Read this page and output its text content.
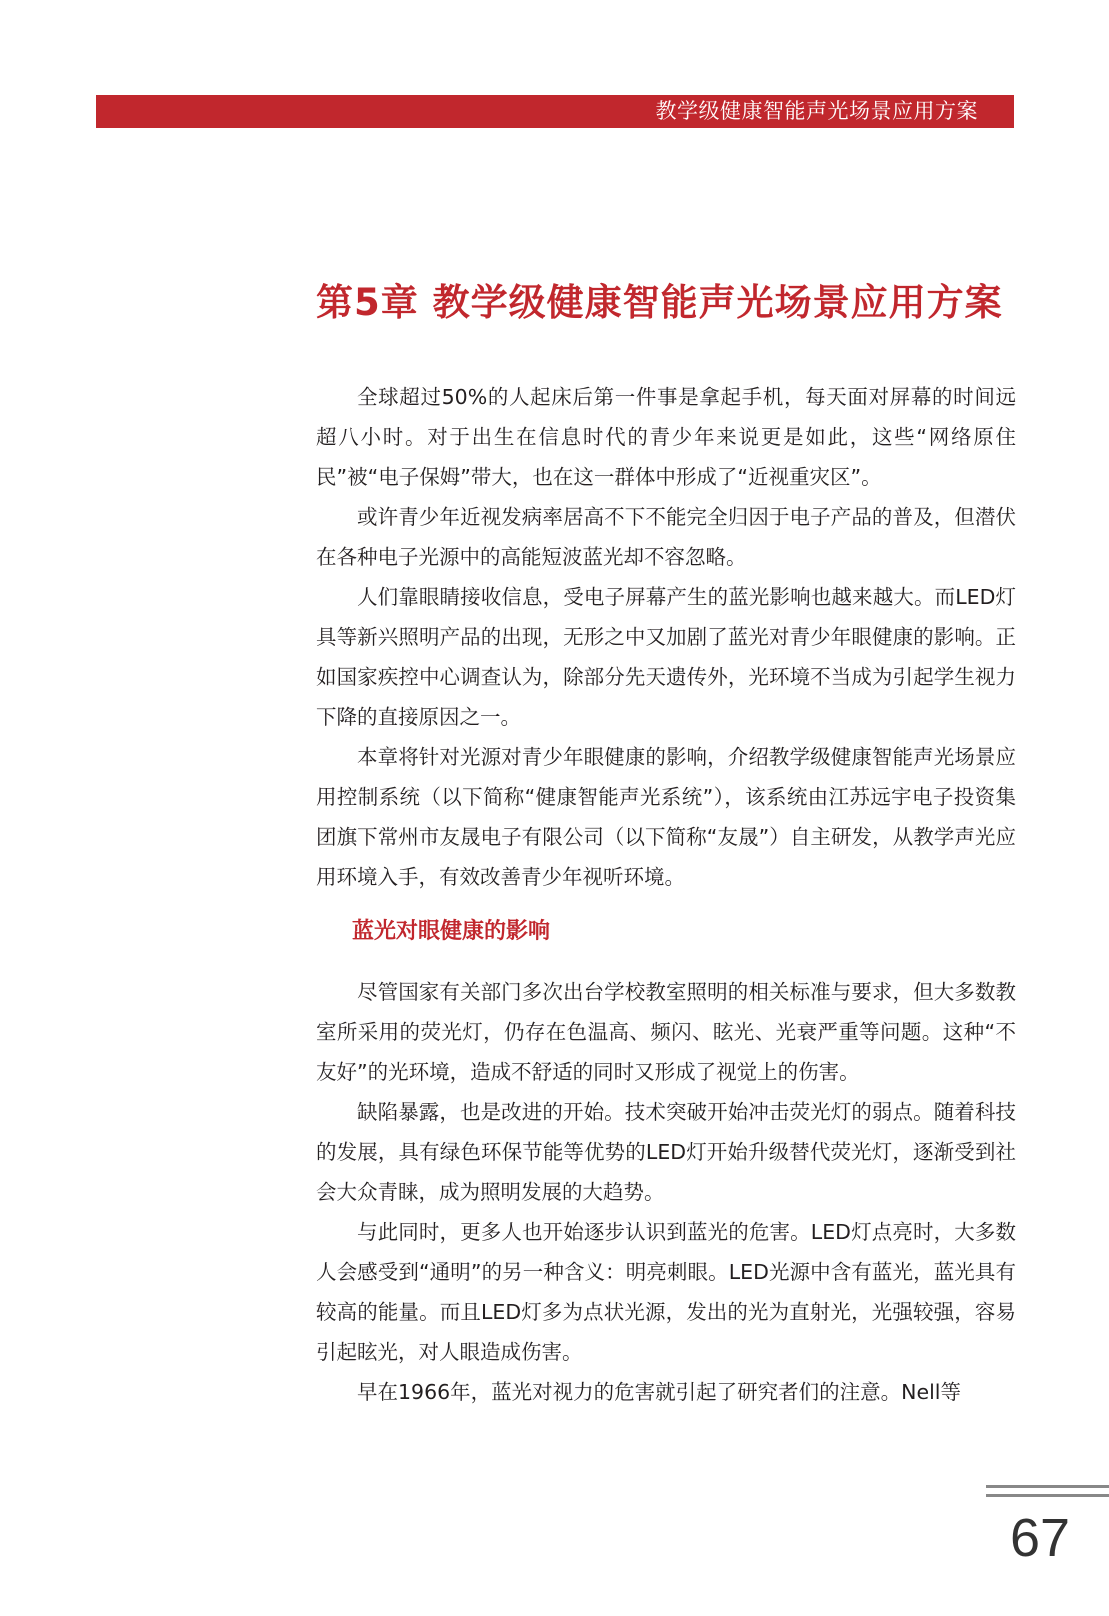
教学级健康智能声光场景应用方案
第5章 教学级健康智能声光场景应用方案

全球超过50%的人起床后第一件事是拿起手机，每天面对屏幕的时间远超八小时。对于出生在信息时代的青少年来说更是如此，这些“网络原住民”被“电子保姆”带大，也在这一群体中形成了“近视重灾区”。

或许青少年近视发病率居高不下不能完全归因于电子产品的普及，但潜伏在各种电子光源中的高能短波蓝光却不容忽略。

人们靠眼睛接收信息，受电子屏幕产生的蓝光影响也越来越大。而LED灯具等新兴照明产品的出现，无形之中又加剧了蓝光对青少年眼健康的影响。正如国家疾控中心调查认为，除部分先天遗传外，光环境不当成为引起学生视力下降的直接原因之一。

本章将针对光源对青少年眼健康的影响，介绍教学级健康智能声光场景应用控制系统（以下简称“健康智能声光系统”），该系统由江苏远宇电子投资集团旗下常州市友晟电子有限公司（以下简称“友晟”）自主研发，从教学声光应用环境入手，有效改善青少年视听环境。

蓝光对眼健康的影响

尽管国家有关部门多次出台学校教室照明的相关标准与要求，但大多数教室所采用的荧光灯，仍存在色温高、频闪、眩光、光衰严重等问题。这种“不友好”的光环境，造成不舒适的同时又形成了视觉上的伤害。

缺陷暴露，也是改进的开始。技术突破开始冲击荧光灯的弱点。随着科技的发展，具有绿色环保节能等优势的LED灯开始升级替代荧光灯，逐渐受到社会大众青睐，成为照明发展的大趋势。

与此同时，更多人也开始逐步认识到蓝光的危害。LED灯点亮时，大多数人会感受到“通明”的另一种含义：明亮刺眼。LED光源中含有蓝光，蓝光具有较高的能量。而且LED灯多为点状光源，发出的光为直射光，光强较强，容易引起眩光，对人眼造成伤害。

早在1966年，蓝光对视力的危害就引起了研究者们的注意。Nell等

67
